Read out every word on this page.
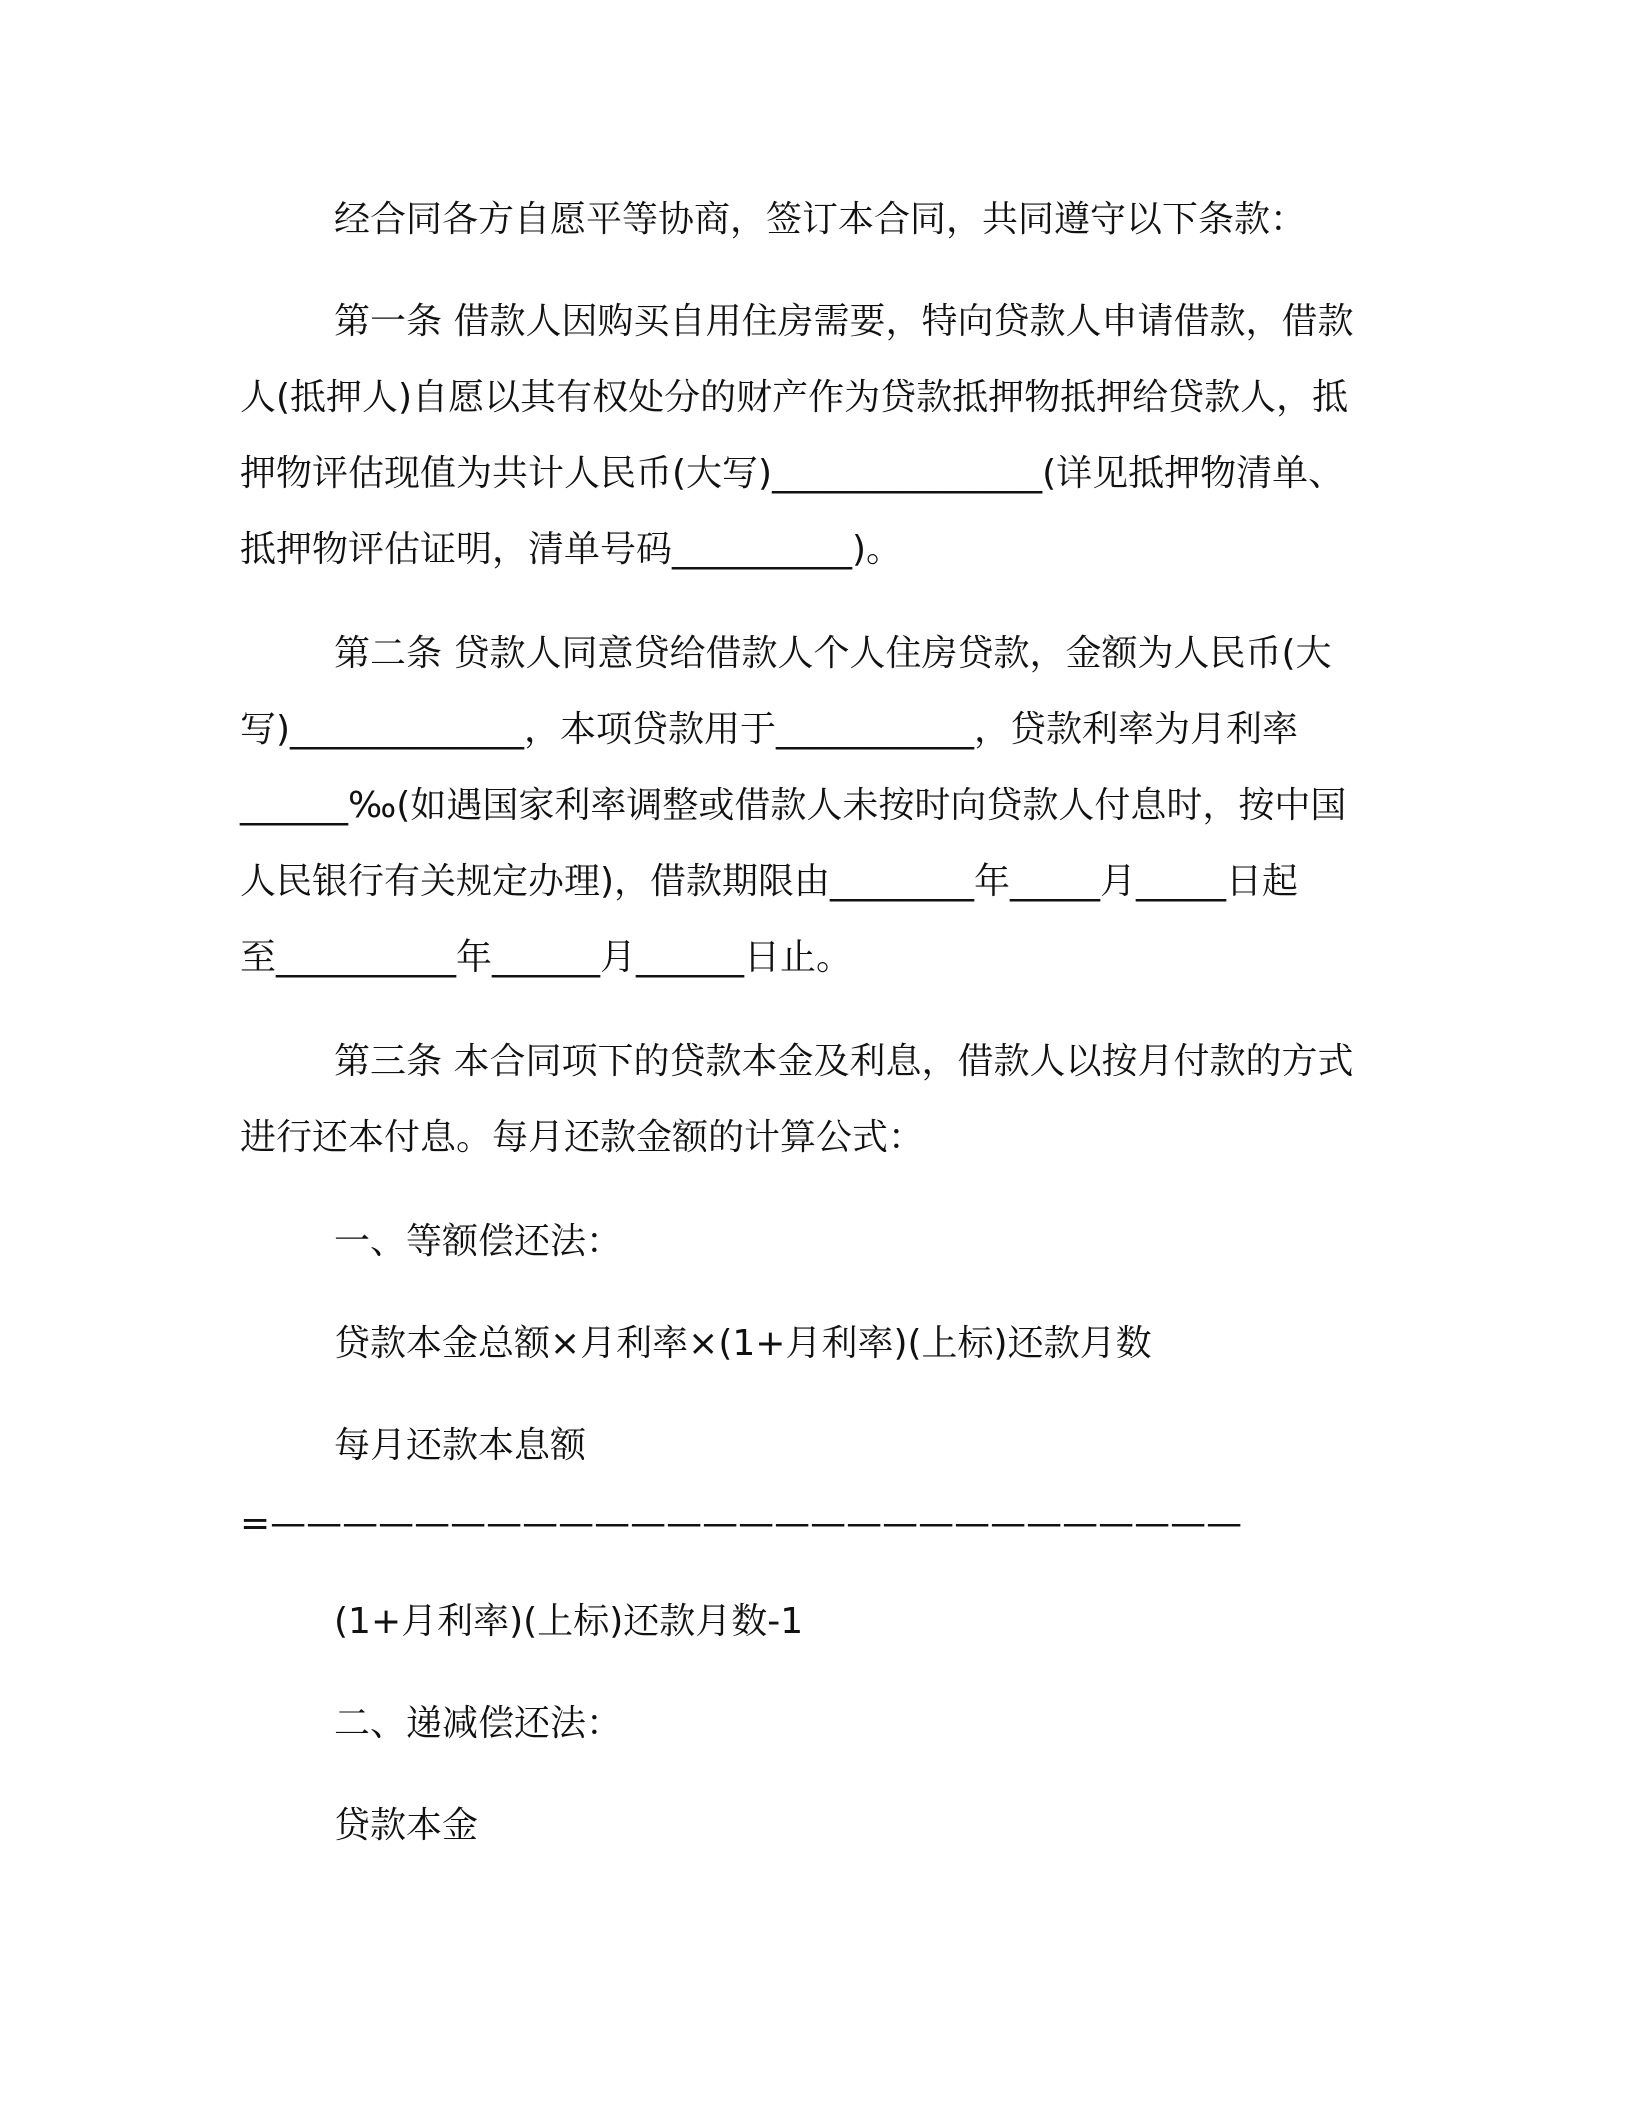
经合同各方自愿平等协商，签订本合同，共同遵守以下条款：
第一条 借款人因购买自用住房需要，特向贷款人申请借款，借款
人(抵押人)自愿以其有权处分的财产作为贷款抵押物抵押给贷款人，抵
押物评估现值为共计人民币(大写)_______________(详见抵押物清单、
抵押物评估证明，清单号码__________)。
第二条 贷款人同意贷给借款人个人住房贷款，金额为人民币(大
写)_____________，本项贷款用于___________，贷款利率为月利率
______‰(如遇国家利率调整或借款人未按时向贷款人付息时，按中国
人民银行有关规定办理)，借款期限由________年_____月_____日起
至__________年______月______日止。
第三条 本合同项下的贷款本金及利息，借款人以按月付款的方式
进行还本付息。每月还款金额的计算公式：
一、等额偿还法：
贷款本金总额×月利率×(1+月利率)(上标)还款月数
每月还款本息额
=———————————————————————————
(1+月利率)(上标)还款月数-1
二、递减偿还法：
贷款本金
